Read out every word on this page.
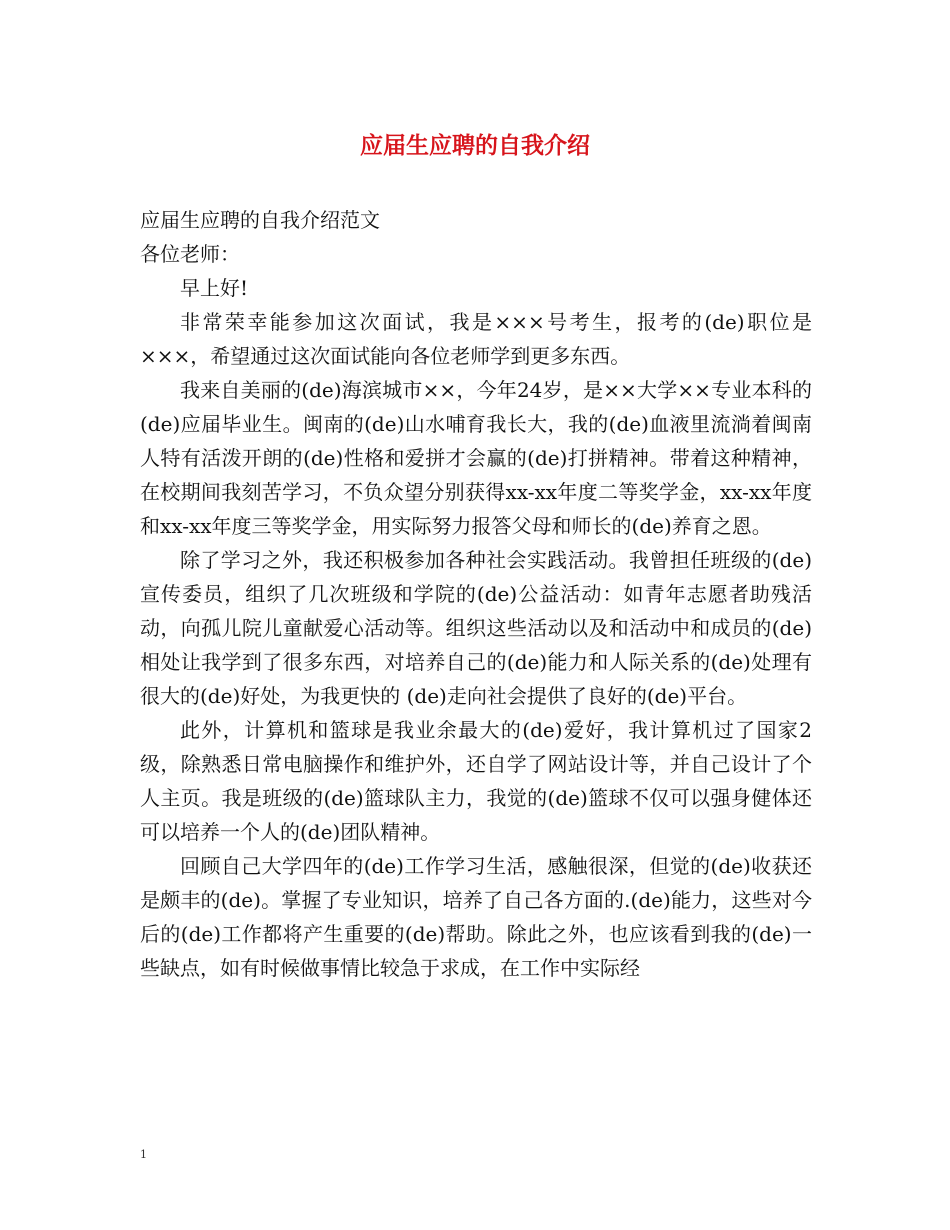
应届生应聘的自我介绍

应届生应聘的自我介绍范文

各位老师：

早上好!

非常荣幸能参加这次面试，我是×××号考生，报考的(de)职位是×××，希望通过这次面试能向各位老师学到更多东西。

我来自美丽的(de)海滨城市××，今年24岁，是××大学××专业本科的(de)应届毕业生。闽南的(de)山水哺育我长大，我的(de)血液里流淌着闽南人特有活泼开朗的(de)性格和爱拼才会赢的(de)打拼精神。带着这种精神，在校期间我刻苦学习，不负众望分别获得xx-xx年度二等奖学金，xx-xx年度和xx-xx年度三等奖学金，用实际努力报答父母和师长的(de)养育之恩。

除了学习之外，我还积极参加各种社会实践活动。我曾担任班级的(de)宣传委员，组织了几次班级和学院的(de)公益活动：如青年志愿者助残活动，向孤儿院儿童献爱心活动等。组织这些活动以及和活动中和成员的(de)相处让我学到了很多东西，对培养自己的(de)能力和人际关系的(de)处理有很大的(de)好处，为我更快的 (de)走向社会提供了良好的(de)平台。

此外，计算机和篮球是我业余最大的(de)爱好，我计算机过了国家2级，除熟悉日常电脑操作和维护外，还自学了网站设计等，并自己设计了个人主页。我是班级的(de)篮球队主力，我觉的(de)篮球不仅可以强身健体还可以培养一个人的(de)团队精神。

回顾自己大学四年的(de)工作学习生活，感触很深，但觉的(de)收获还是颇丰的(de)。掌握了专业知识，培养了自己各方面的.(de)能力，这些对今后的(de)工作都将产生重要的(de)帮助。除此之外，也应该看到我的(de)一些缺点，如有时候做事情比较急于求成，在工作中实际经

1
